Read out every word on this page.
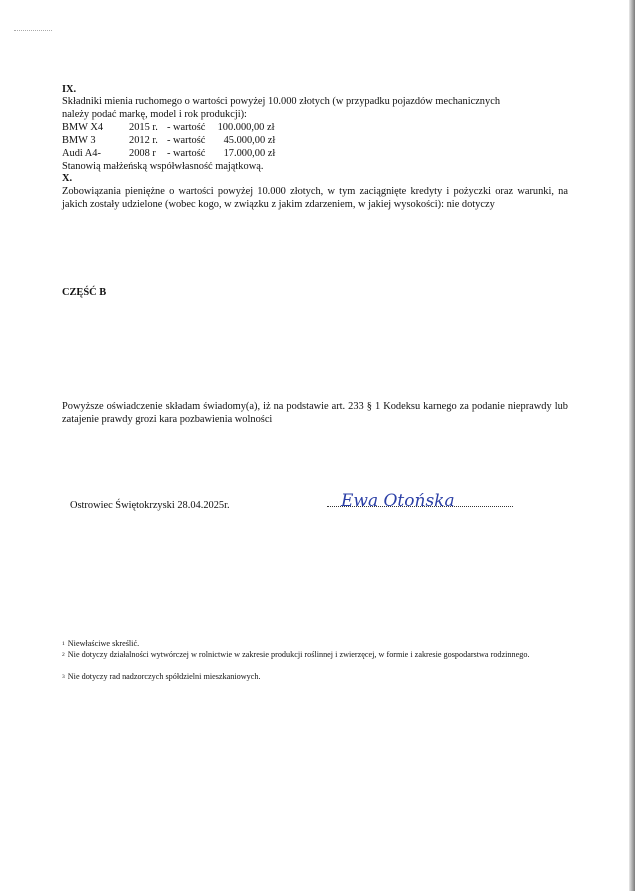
IX.
Składniki mienia ruchomego o wartości powyżej 10.000 złotych (w przypadku pojazdów mechanicznych
należy podać markę, model i rok produkcji):
BMW X4 2015 r. - wartość 100.000,00 zł
BMW 3	2012 r. - wartość 45.000,00 zł
Audi A4-	2008 r - wartość 17.000,00 zł
Stanowią małżeńską współwłasność majątkową.
X.
Zobowiązania pieniężne o wartości powyżej 10.000 złotych, w tym zaciągnięte kredyty i pożyczki oraz warunki, na jakich zostały udzielone (wobec kogo, w związku z jakim zdarzeniem, w jakiej wysokości): nie dotyczy
CZĘŚĆ B
Powyższe oświadczenie składam świadomy(a), iż na podstawie art. 233 § 1 Kodeksu karnego za podanie nieprawdy lub zatajenie prawdy grozi kara pozbawienia wolności
Ostrowiec Świętokrzyski 28.04.2025r.	Ewa Otońska
$^1$ Niewłaściwe skreślić.
$^2$ Nie dotyczy działalności wytwórczej w rolnictwie w zakresie produkcji roślinnej i zwierzęcej, w formie i zakresie gospodarstwa rodzinnego.
$^3$ Nie dotyczy rad nadzorczych spółdzielni mieszkaniowych.
